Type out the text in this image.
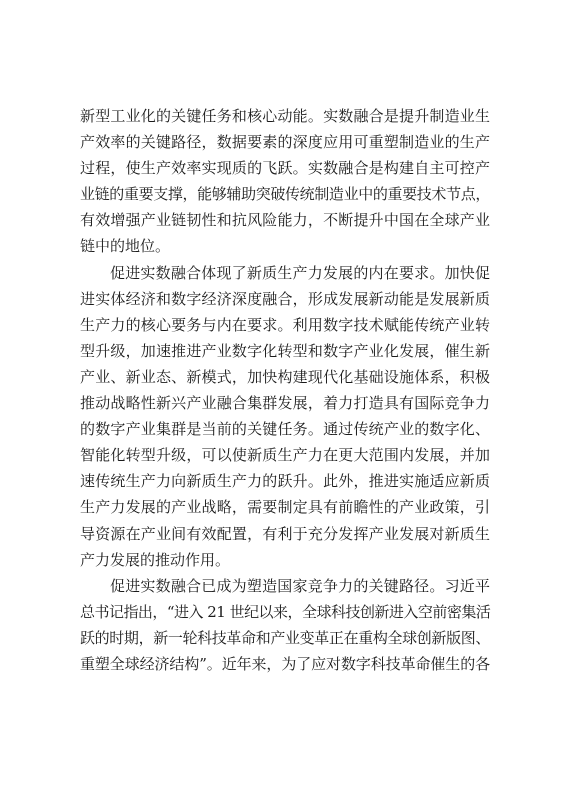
新型工业化的关键任务和核心动能。实数融合是提升制造业生
产效率的关键路径，数据要素的深度应用可重塑制造业的生产
过程，使生产效率实现质的飞跃。实数融合是构建自主可控产
业链的重要支撑，能够辅助突破传统制造业中的重要技术节点，
有效增强产业链韧性和抗风险能力，不断提升中国在全球产业
链中的地位。
促进实数融合体现了新质生产力发展的内在要求。加快促
进实体经济和数字经济深度融合，形成发展新动能是发展新质
生产力的核心要务与内在要求。利用数字技术赋能传统产业转
型升级，加速推进产业数字化转型和数字产业化发展，催生新
产业、新业态、新模式，加快构建现代化基础设施体系，积极
推动战略性新兴产业融合集群发展，着力打造具有国际竞争力
的数字产业集群是当前的关键任务。通过传统产业的数字化、
智能化转型升级，可以使新质生产力在更大范围内发展，并加
速传统生产力向新质生产力的跃升。此外，推进实施适应新质
生产力发展的产业战略，需要制定具有前瞻性的产业政策，引
导资源在产业间有效配置，有利于充分发挥产业发展对新质生
产力发展的推动作用。
促进实数融合已成为塑造国家竞争力的关键路径。习近平
总书记指出，“进入 21 世纪以来，全球科技创新进入空前密集活
跃的时期，新一轮科技革命和产业变革正在重构全球创新版图、
重塑全球经济结构”。近年来，为了应对数字科技革命催生的各
